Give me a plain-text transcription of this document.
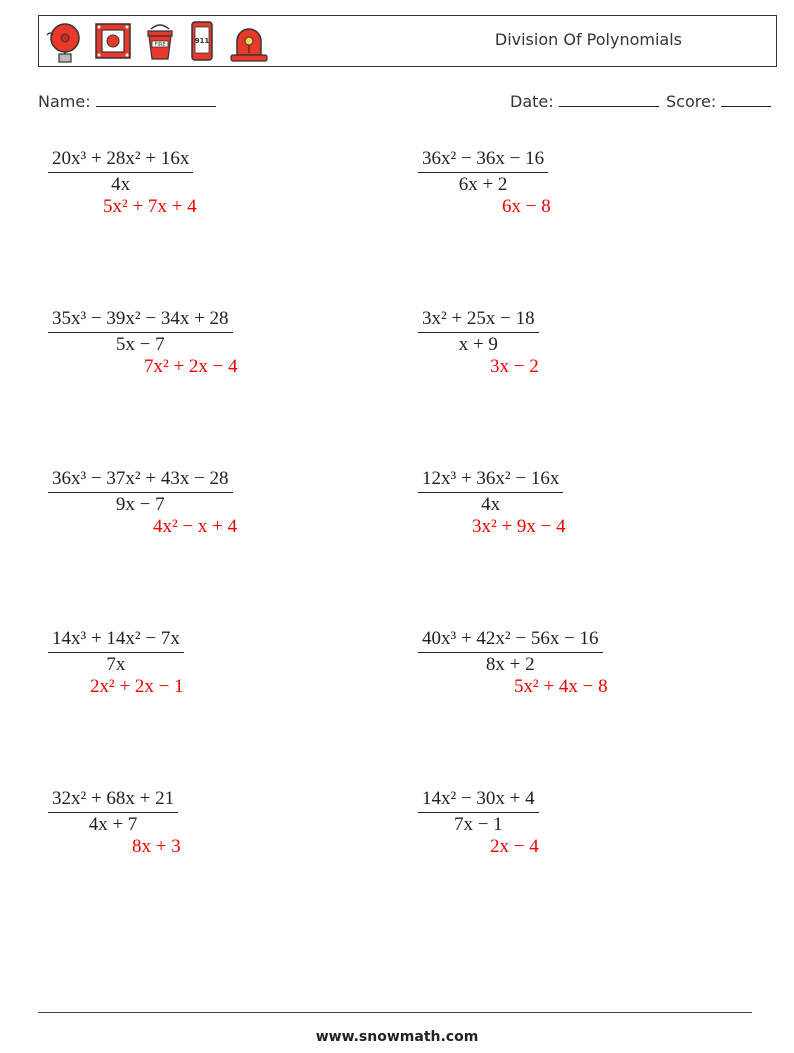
FIRE	911	Division Of Polynomials
Name:	Date:	Score:
$\frac{\text{20x³ + 28x² + 16x}}{4x}$
5x² + 7x + 4
$\frac{\text{36x² − 36x − 16}}{6x + 2}$
6x − 8
$\frac{\text{35x³ − 39x² − 34x + 28}}{5x - 7}$
7x² + 2x − 4
$\frac{\text{3x² + 25x − 18}}{x + 9}$
3x − 2
$\frac{\text{36x³ − 37x² + 43x − 28}}{9x - 7}$
4x² − x + 4
$\frac{\text{12x³ + 36x² − 16x}}{4x}$
3x² + 9x − 4
$\frac{\text{14x³ + 14x² − 7x}}{7x}$
2x² + 2x − 1
$\frac{\text{40x³ + 42x² − 56x − 16}}{8x + 2}$
5x² + 4x − 8
$\frac{\text{32x² + 68x + 21}}{4x + 7}$
8x + 3
$\frac{\text{14x² − 30x + 4}}{7x - 1}$
2x − 4
www.snowmath.com
